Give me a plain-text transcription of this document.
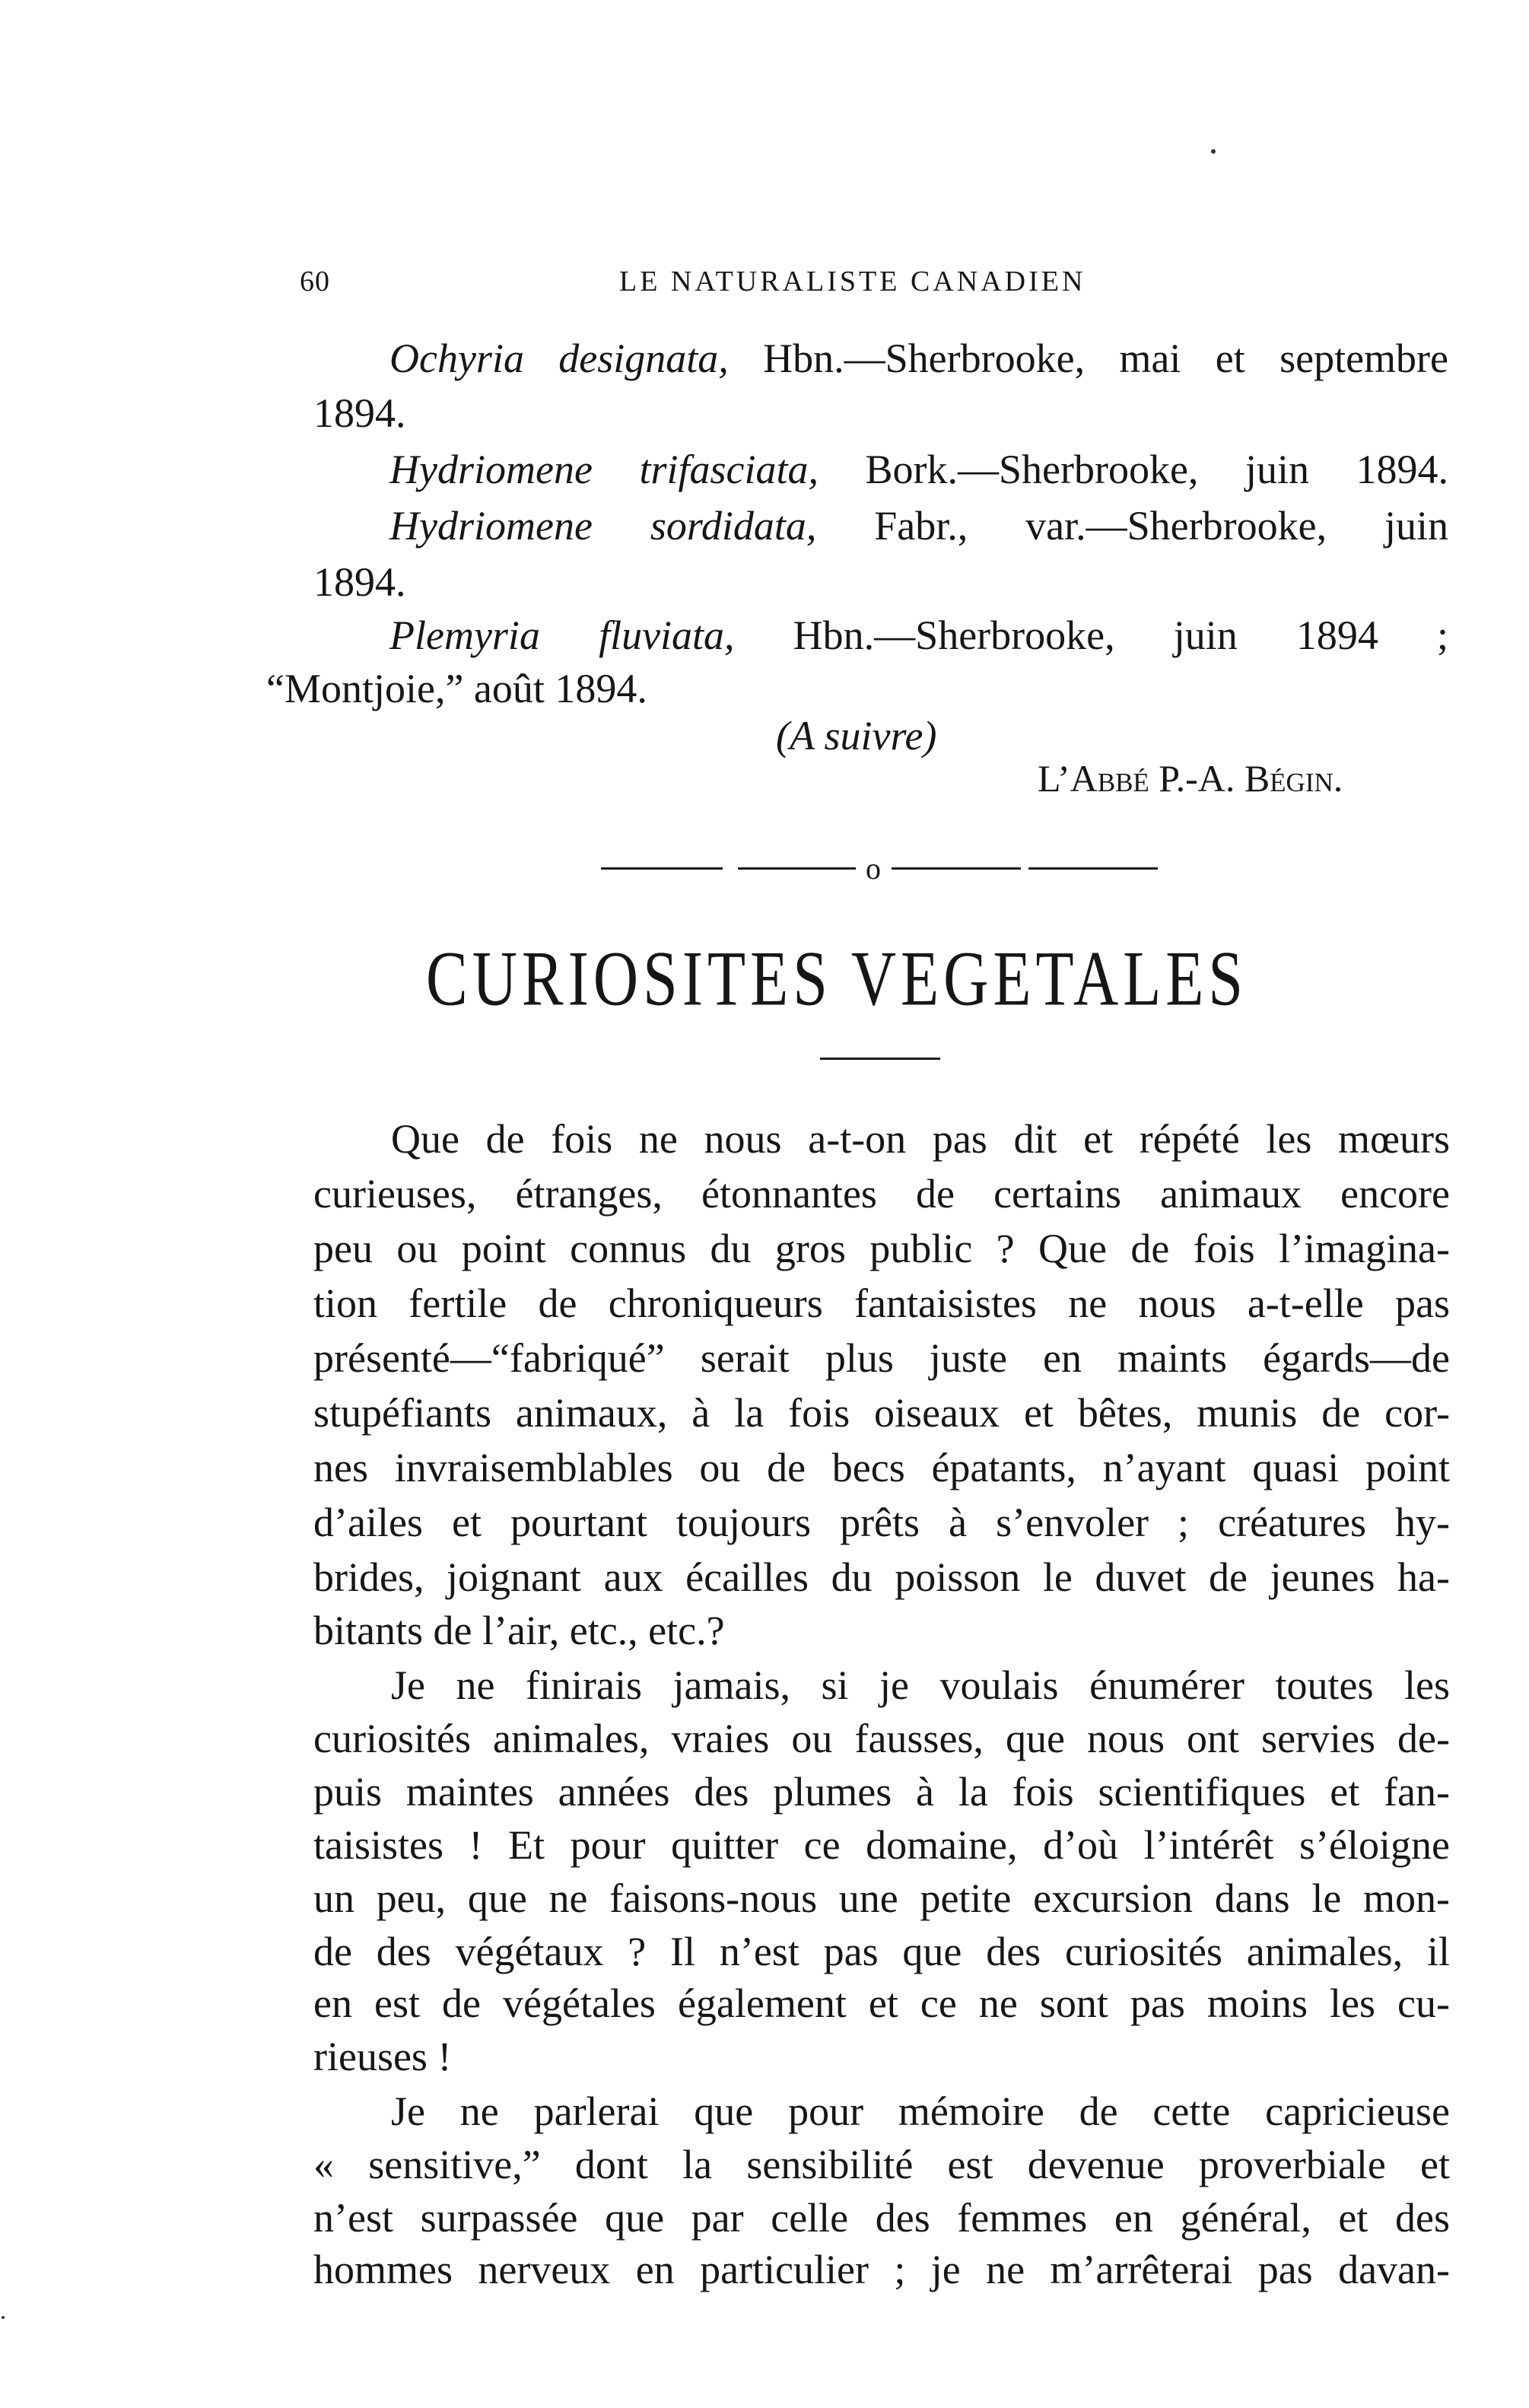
60	LE NATURALISTE CANADIEN
Ochyria designata, Hbn.—Sherbrooke, mai et septembre
1894.
Hydriomene trifasciata, Bork.—Sherbrooke, juin 1894.
Hydriomene sordidata, Fabr., var.—Sherbrooke, juin
1894.
Plemyria fluviata, Hbn.—Sherbrooke, juin 1894 ;
“Montjoie,” août 1894.
(A suivre)
L’Abbé P.-A. Bégin.
o
CURIOSITES VEGETALES
Que de fois ne nous a-t-on pas dit et répété les mœurs
curieuses, étranges, étonnantes de certains animaux encore
peu ou point connus du gros public ? Que de fois l’imagina-
tion fertile de chroniqueurs fantaisistes ne nous a-t-elle pas
présenté—“fabriqué” serait plus juste en maints égards—de
stupéfiants animaux, à la fois oiseaux et bêtes, munis de cor-
nes invraisemblables ou de becs épatants, n’ayant quasi point
d’ailes et pourtant toujours prêts à s’envoler ; créatures hy-
brides, joignant aux écailles du poisson le duvet de jeunes ha-
bitants de l’air, etc., etc.?
Je ne finirais jamais, si je voulais énumérer toutes les
curiosités animales, vraies ou fausses, que nous ont servies de-
puis maintes années des plumes à la fois scientifiques et fan-
taisistes ! Et pour quitter ce domaine, d’où l’intérêt s’éloigne
un peu, que ne faisons-nous une petite excursion dans le mon-
de des végétaux ? Il n’est pas que des curiosités animales, il
en est de végétales également et ce ne sont pas moins les cu-
rieuses !
Je ne parlerai que pour mémoire de cette capricieuse
« sensitive,” dont la sensibilité est devenue proverbiale et
n’est surpassée que par celle des femmes en général, et des
hommes nerveux en particulier ; je ne m’arrêterai pas davan-
